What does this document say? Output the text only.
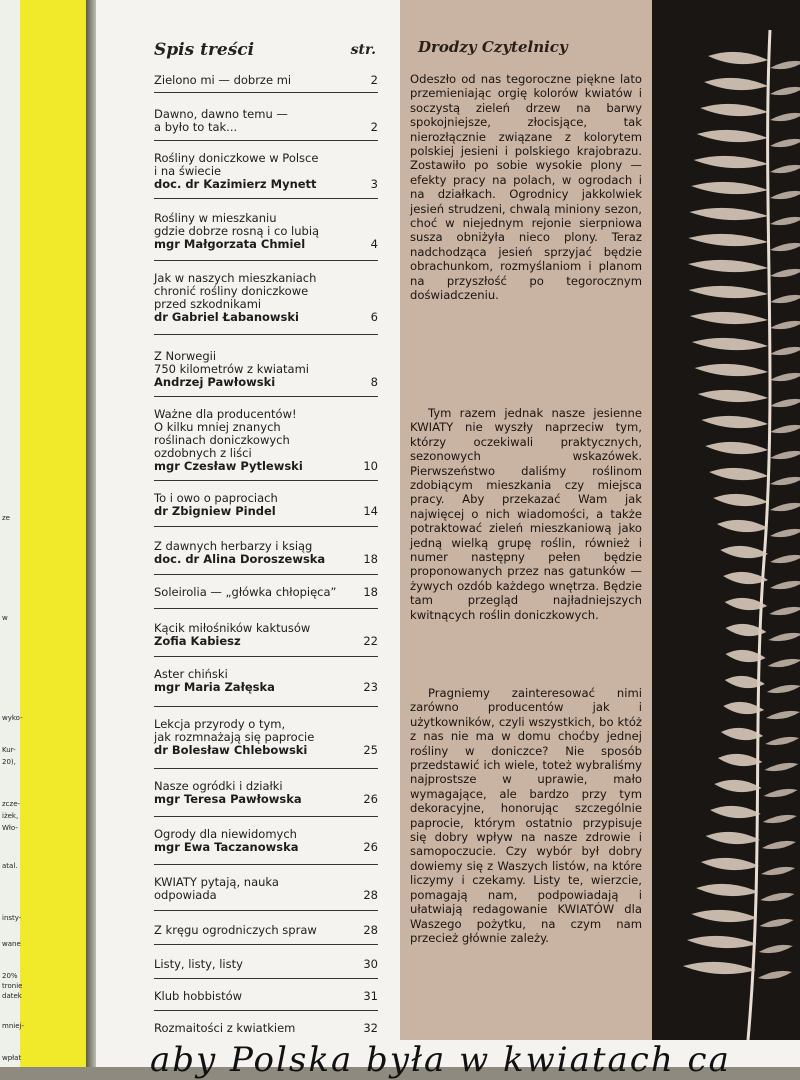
ze
w
wyko-
Kur-
20),
zcze-
iżek,
Wło-
atal.
insty-
wane
20%
tronie
datek
mniej-
wpłat
Spis treści	str.
Zielono mi — dobrze mi	2
Dawno, dawno temu —
a było to tak...	2
Rośliny doniczkowe w Polsce
i na świecie
doc. dr Kazimierz Mynett	3
Rośliny w mieszkaniu
gdzie dobrze rosną i co lubią
mgr Małgorzata Chmiel	4
Jak w naszych mieszkaniach
chronić rośliny doniczkowe
przed szkodnikami
dr Gabriel Łabanowski	6
Z Norwegii
750 kilometrów z kwiatami
Andrzej Pawłowski	8
Ważne dla producentów!
O kilku mniej znanych
roślinach doniczkowych
ozdobnych z liści
mgr Czesław Pytlewski	10
To i owo o paprociach
dr Zbigniew Pindel	14
Z dawnych herbarzy i ksiąg
doc. dr Alina Doroszewska	18
Soleirolia — „główka chłopięca”	18
Kącik miłośników kaktusów
Zofia Kabiesz	22
Aster chiński
mgr Maria Załęska	23
Lekcja przyrody o tym,
jak rozmnażają się paprocie
dr Bolesław Chlebowski	25
Nasze ogródki i działki
mgr Teresa Pawłowska	26
Ogrody dla niewidomych
mgr Ewa Taczanowska	26
KWIATY pytają, nauka
odpowiada	28
Z kręgu ogrodniczych spraw	28
Listy, listy, listy	30
Klub hobbistów	31
Rozmaitości z kwiatkiem	32
Drodzy Czytelnicy
Odeszło od nas tegoroczne piękne lato przemieniając orgię kolorów kwiatów i soczystą zieleń drzew na barwy spokojniejsze, złocisjące, tak nierozłącznie związane z kolorytem polskiej jesieni i polskiego krajobrazu. Zostawiło po sobie wysokie plony — efekty pracy na polach, w ogrodach i na działkach. Ogrodnicy jakkolwiek jesień strudzeni, chwalą miniony sezon, choć w niejednym rejonie sierpniowa susza obniżyła nieco plony. Teraz nadchodząca jesień sprzyjać będzie obrachunkom, rozmyślaniom i planom na przyszłość po tegorocznym doświadczeniu.
Tym razem jednak nasze jesienne KWIATY nie wyszły naprzeciw tym, którzy oczekiwali praktycznych, sezonowych wskazówek. Pierwszeństwo daliśmy roślinom zdobiącym mieszkania czy miejsca pracy. Aby przekazać Wam jak najwięcej o nich wiadomości, a także potraktować zieleń mieszkaniową jako jedną wielką grupę roślin, również i numer następny pełen będzie proponowanych przez nas gatunków — żywych ozdób każdego wnętrza. Będzie tam przegląd najładniejszych kwitnących roślin doniczkowych.
Pragniemy zainteresować nimi zarówno producentów jak i użytkowników, czyli wszystkich, bo któż z nas nie ma w domu choćby jednej rośliny w doniczce? Nie sposób przedstawić ich wiele, toteż wybraliśmy najprostsze w uprawie, mało wymagające, ale bardzo przy tym dekoracyjne, honorując szczególnie paprocie, którym ostatnio przypisuje się dobry wpływ na nasze zdrowie i samopoczucie. Czy wybór był dobry dowiemy się z Waszych listów, na które liczymy i czekamy. Listy te, wierzcie, pomagają nam, podpowiadają i ułatwiają redagowanie KWIATÓW dla Waszego pożytku, na czym nam przecież głównie zależy.
aby Polska była w kwiatach ca
